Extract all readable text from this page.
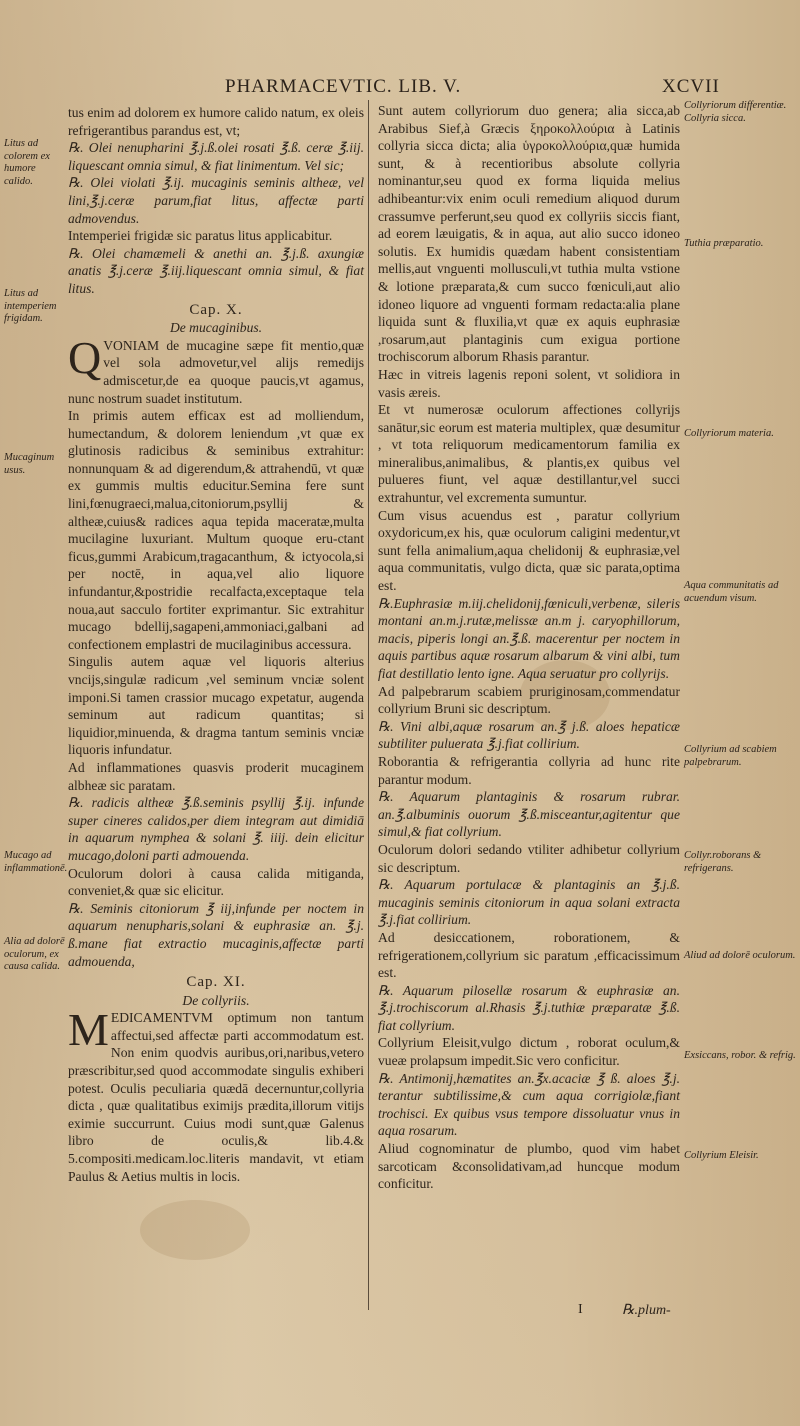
PHARMACEVTIC. LIB. V.	XCVII

tus enim ad dolorem ex humore calido natum, ex oleis refrigerantibus parandus est, vt;

℞. Olei nenupharini ℥.j.ß.olei rosati ℥.ß. ceræ ℥.iij. liquescant omnia simul, & fiat linimentum. Vel sic;

℞. Olei violati ℥.ij. mucaginis seminis altheæ, vel lini,℥.j.ceræ parum,fiat litus, affectæ parti admovendus.

Intemperiei frigidæ sic paratus litus applicabitur.

℞. Olei chamæmeli & anethi an. ℥.j.ß. axungiæ anatis ℥.j.ceræ ℥.iij.liquescant omnia simul, & fiat litus.

Cap. X.

De mucaginibus.

Q VONIAM de mucagine sæpe fit mentio,quæ vel sola admovetur,vel alijs remedijs admiscetur,de ea quoque paucis,vt agamus, nunc nostrum suadet institutum.

In primis autem efficax est ad molliendum, humectandum, & dolorem leniendum ,vt quæ ex glutinosis radicibus & seminibus extrahitur: nonnunquam & ad digerendum,& attrahendū, vt quæ ex gummis multis educitur.Semina fere sunt lini,fœnugraeci,malua,citoniorum,psyllij & altheæ,cuius& radices aqua tepida maceratæ,multa mucilagine luxuriant. Multum quoque eru-ctant ficus,gummi Arabicum,tragacanthum, & ictyocola,si per noctē, in aqua,vel alio liquore infundantur,&postridie recalfacta,exceptaque tela noua,aut sacculo fortiter exprimantur. Sic extrahitur mucago bdellij,sagapeni,ammoniaci,galbani ad confectionem emplastri de mucilaginibus accessura.

Singulis autem aquæ vel liquoris alterius vncijs,singulæ radicum ,vel seminum vnciæ solent imponi.Si tamen crassior mucago expetatur, augenda seminum aut radicum quantitas; si liquidior,minuenda, & dragma tantum seminis vnciæ liquoris infundatur.

Ad inflammationes quasvis proderit mucaginem albheæ sic paratam.

℞. radicis altheæ ℥.ß.seminis psyllij ℥.ij. infunde super cineres calidos,per diem integram aut dimidiā in aquarum nymphea & solani ℥. iiij. dein elicitur mucago,doloni parti admouenda.

Oculorum dolori à causa calida mitiganda, conveniet,& quæ sic elicitur.

℞. Seminis citoniorum ℥ iij,infunde per noctem in aquarum nenupharis,solani & euphrasiæ an. ℥.j. ß.mane fiat extractio mucaginis,affectæ parti admouenda,

Cap. XI.

De collyriis.

M EDICAMENTVM optimum non tantum affectui,sed affectæ parti accommodatum est. Non enim quodvis auribus,ori,naribus,vetero præscribitur,sed quod accommodate singulis exhiberi potest. Oculis peculiaria quædā decernuntur,collyria dicta , quæ qualitatibus eximijs prædita,illorum vitijs eximie succurrunt. Cuius modi sunt,quæ Galenus libro de oculis,& lib.4.& 5.compositi.medicam.loc.literis mandavit, vt etiam Paulus & Aetius multis in locis.

Sunt autem collyriorum duo genera; alia sicca,ab Arabibus Sief,à Græcis ξηροκολλούρια à Latinis collyria sicca dicta; alia ὑγροκολλούρια,quæ humida sunt, & à recentioribus absolute collyria nominantur,seu quod ex forma liquida melius adhibeantur:vix enim oculi remedium aliquod durum crassumve perferunt,seu quod ex collyriis siccis fiant, ad eorem læuigatis, & in aqua, aut alio succo idoneo solutis. Ex humidis quædam habent consistentiam mellis,aut vnguenti mollusculi,vt tuthia multa vstione & lotione præparata,& cum succo fœniculi,aut alio idoneo liquore ad vnguenti formam redacta:alia plane liquida sunt & fluxilia,vt quæ ex aquis euphrasiæ ,rosarum,aut plantaginis cum exigua portione trochiscorum alborum Rhasis parantur.

Hæc in vitreis lagenis reponi solent, vt solidiora in vasis æreis.

Et vt numerosæ oculorum affectiones collyrijs sanātur,sic eorum est materia multiplex, quæ desumitur , vt tota reliquorum medicamentorum familia ex mineralibus,animalibus, & plantis,ex quibus vel pulueres fiunt, vel aquæ destillantur,vel succi extrahuntur, vel excrementa sumuntur.

Cum visus acuendus est , paratur collyrium oxydoricum,ex his, quæ oculorum caligini medentur,vt sunt fella animalium,aqua chelidonij & euphrasiæ,vel aqua communitatis, vulgo dicta, quæ sic parata,optima est.

℞.Euphrasiæ m.iij.chelidonij,fœniculi,verbenæ, sileris montani an.m.j.rutæ,melissæ an.m j. caryophillorum, macis, piperis longi an.℥.ß. macerentur per noctem in aquis partibus aquæ rosarum albarum & vini albi, tum fiat destillatio lento igne. Aqua seruatur pro collyrijs.

Ad palpebrarum scabiem pruriginosam,commendatur collyrium Bruni sic descriptum.

℞. Vini albi,aquæ rosarum an.℥ j.ß. aloes hepaticæ subtiliter puluerata ℥.j.fiat collirium.

Roborantia & refrigerantia collyria ad hunc rite parantur modum.

℞. Aquarum plantaginis & rosarum rubrar. an.℥.albuminis ouorum ℥.ß.misceantur,agitentur que simul,& fiat collyrium.

Oculorum dolori sedando vtiliter adhibetur collyrium sic descriptum.

℞. Aquarum portulacæ & plantaginis an ℥.j.ß. mucaginis seminis citoniorum in aqua solani extracta ℥.j.fiat collirium.

Ad desiccationem, roborationem, & refrigerationem,collyrium sic paratum ,efficacissimum est.

℞. Aquarum pilosellæ rosarum & euphrasiæ an. ℥.j.trochiscorum al.Rhasis ℥.j.tuthiæ præparatæ ℥.ß. fiat collyrium.

Collyrium Eleisit,vulgo dictum , roborat oculum,& vueæ prolapsum impedit.Sic vero conficitur.

℞. Antimonij,hæmatites an.℥x.acaciæ ℥ ß. aloes ℥.j. terantur subtilissime,& cum aqua corrigiolæ,fiant trochisci. Ex quibus vsus tempore dissoluatur vnus in aqua rosarum.

Aliud cognominatur de plumbo, quod vim habet sarcoticam &consolidativam,ad huncque modum conficitur.

Litus ad colorem ex humore calido.
Litus ad intemperiem frigidam.
Mucaginum usus.
Mucago ad inflammationē.
Alia ad dolorē oculorum, ex causa calida.
Collyriorum differentiæ. Collyria sicca.
Tuthia præparatio.
Collyriorum materia.
Aqua communitatis ad acuendum visum.
Collyrium ad scabiem palpebrarum.
Collyr.roborans & refrigerans.
Aliud ad dolorē oculorum.
Exsiccans, robor. & refrig.
Collyrium Eleisir.
I	℞.plum-
